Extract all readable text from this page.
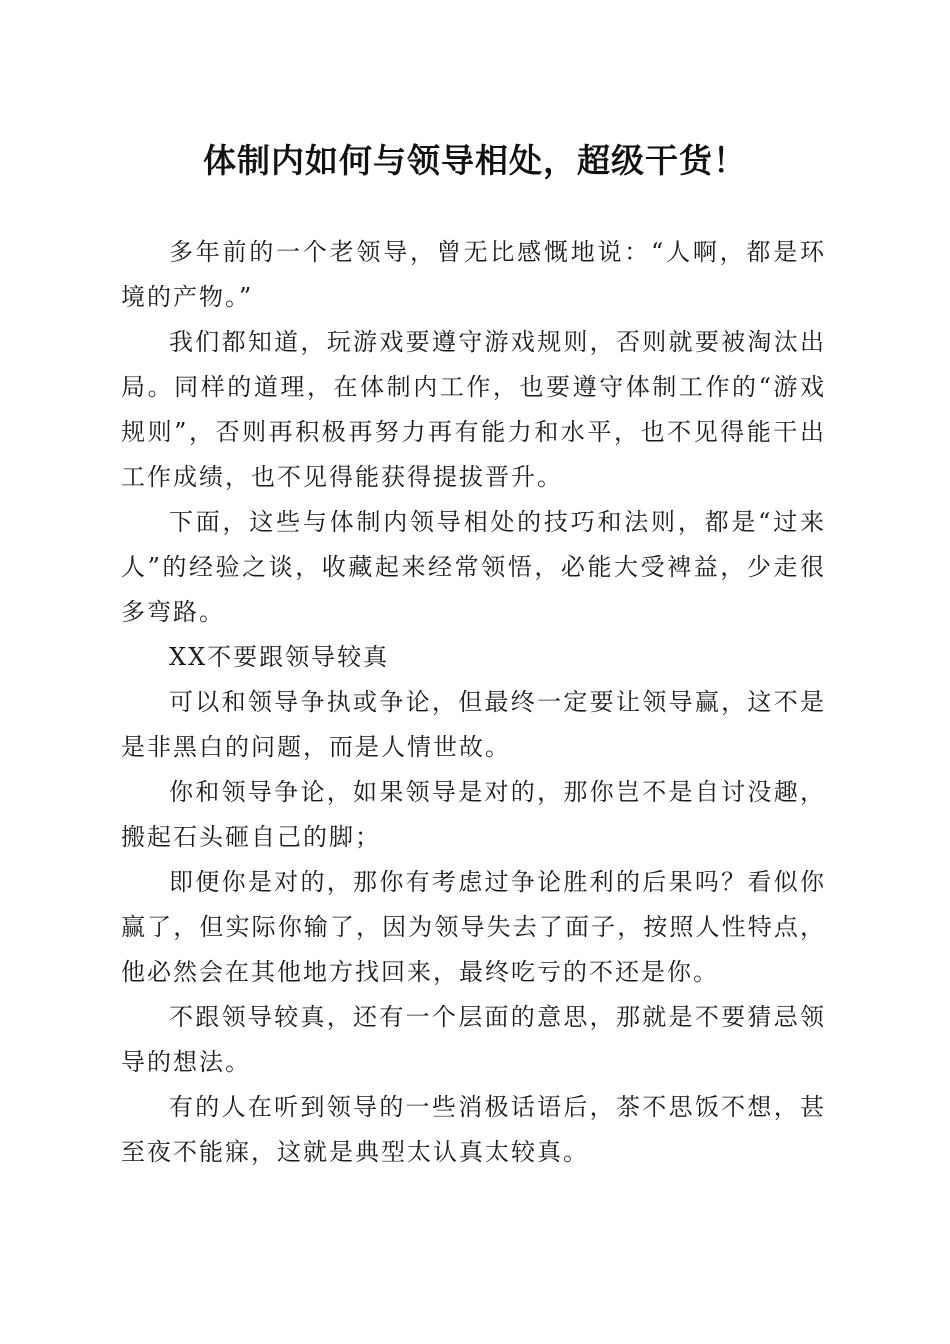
体制内如何与领导相处，超级干货！

多年前的一个老领导，曾无比感慨地说：“人啊，都是环境的产物。”

我们都知道，玩游戏要遵守游戏规则，否则就要被淘汰出局。同样的道理，在体制内工作，也要遵守体制工作的“游戏规则”，否则再积极再努力再有能力和水平，也不见得能干出工作成绩，也不见得能获得提拔晋升。

下面，这些与体制内领导相处的技巧和法则，都是“过来人”的经验之谈，收藏起来经常领悟，必能大受裨益，少走很多弯路。

XX不要跟领导较真

可以和领导争执或争论，但最终一定要让领导赢，这不是是非黑白的问题，而是人情世故。

你和领导争论，如果领导是对的，那你岂不是自讨没趣，搬起石头砸自己的脚；

即便你是对的，那你有考虑过争论胜利的后果吗？看似你赢了，但实际你输了，因为领导失去了面子，按照人性特点，他必然会在其他地方找回来，最终吃亏的不还是你。

不跟领导较真，还有一个层面的意思，那就是不要猜忌领导的想法。

有的人在听到领导的一些消极话语后，茶不思饭不想，甚至夜不能寐，这就是典型太认真太较真。
